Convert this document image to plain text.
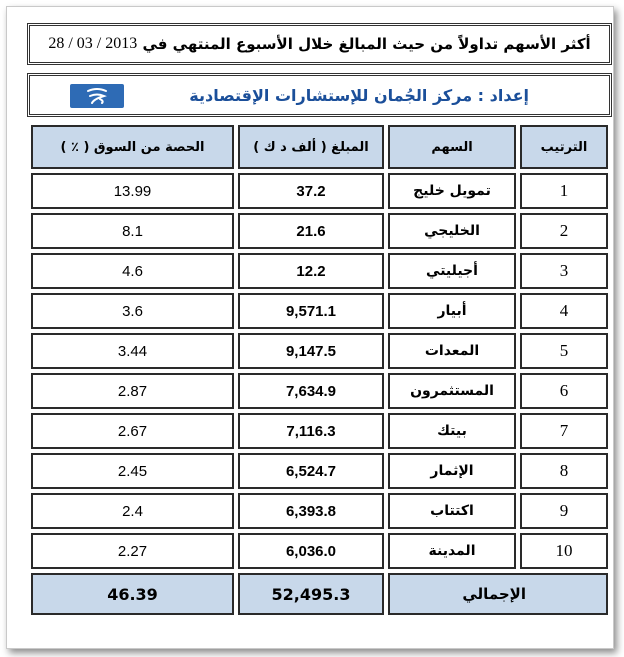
أكثر الأسهم تداولاً من حيث المبالغ خلال الأسبوع المنتهي في

28 / 03 / 2013
إعداد
:
مركز الجُمان للإستشارات الإقتصادية
الترتيب	السهم	المبلغ ( ألف د ك )	الحصة من السوق ( ٪ )
1	تمويل خليج	37.2	13.99
2	الخليجي	21.6	8.1
3	أجيليتي	12.2	4.6
4	أبيار	9,571.1	3.6
5	المعدات	9,147.5	3.44
6	المستثمرون	7,634.9	2.87
7	بيتك	7,116.3	2.67
8	الإثمار	6,524.7	2.45
9	اكتتاب	6,393.8	2.4
10	المدينة	6,036.0	2.27
الإجمالي		52,495.3	46.39
